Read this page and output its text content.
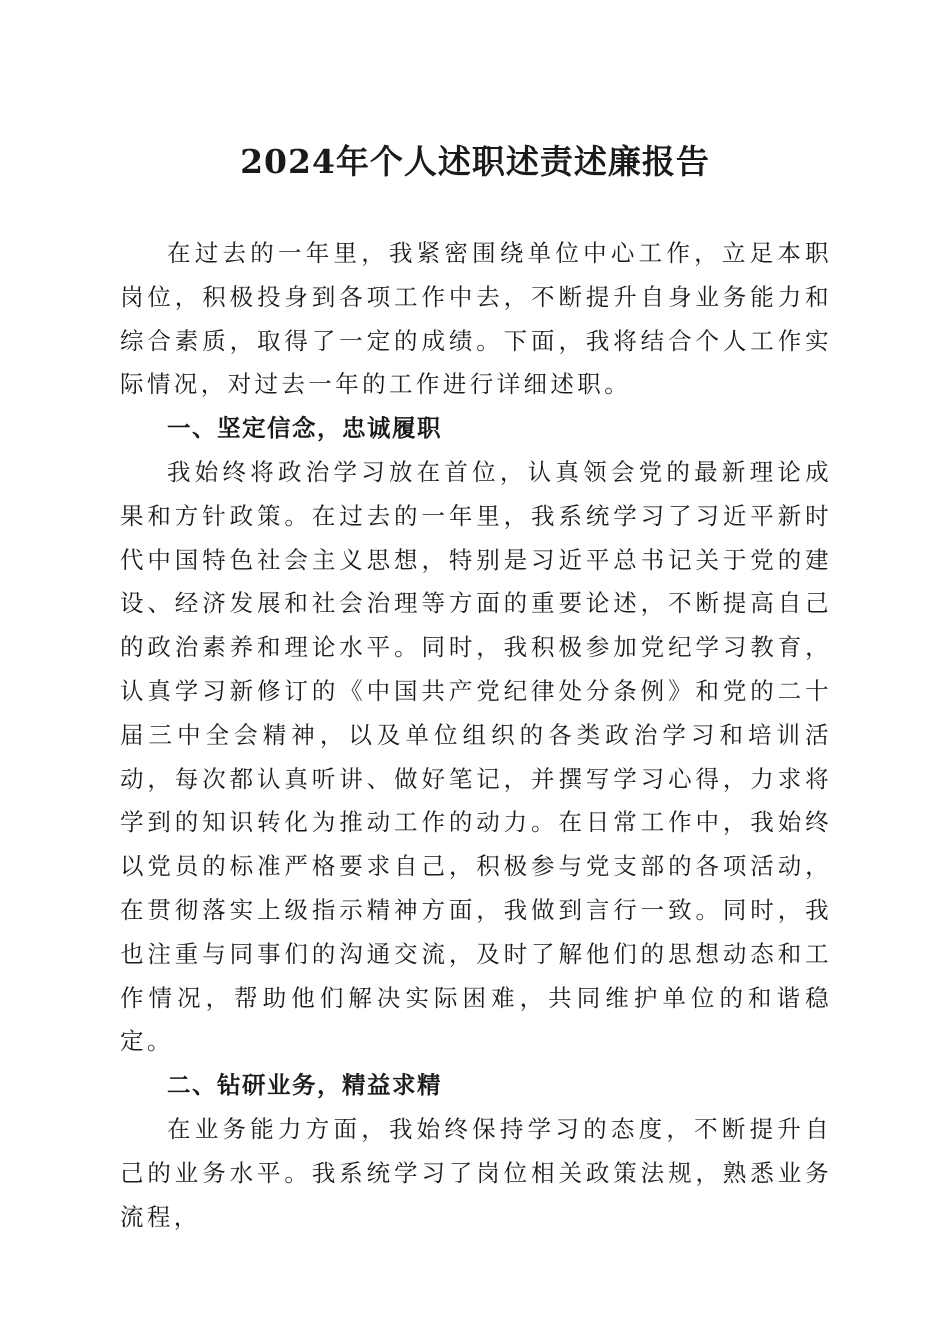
2024年个人述职述责述廉报告

在过去的一年里，我紧密围绕单位中心工作，立足本职岗位，积极投身到各项工作中去，不断提升自身业务能力和综合素质，取得了一定的成绩。下面，我将结合个人工作实际情况，对过去一年的工作进行详细述职。

一、坚定信念，忠诚履职

我始终将政治学习放在首位，认真领会党的最新理论成果和方针政策。在过去的一年里，我系统学习了习近平新时代中国特色社会主义思想，特别是习近平总书记关于党的建设、经济发展和社会治理等方面的重要论述，不断提高自己的政治素养和理论水平。同时，我积极参加党纪学习教育，认真学习新修订的《中国共产党纪律处分条例》和党的二十届三中全会精神，以及单位组织的各类政治学习和培训活动，每次都认真听讲、做好笔记，并撰写学习心得，力求将学到的知识转化为推动工作的动力。在日常工作中，我始终以党员的标准严格要求自己，积极参与党支部的各项活动，在贯彻落实上级指示精神方面，我做到言行一致。同时，我也注重与同事们的沟通交流，及时了解他们的思想动态和工作情况，帮助他们解决实际困难，共同维护单位的和谐稳定。

二、钻研业务，精益求精

在业务能力方面，我始终保持学习的态度，不断提升自己的业务水平。我系统学习了岗位相关政策法规，熟悉业务流程，
